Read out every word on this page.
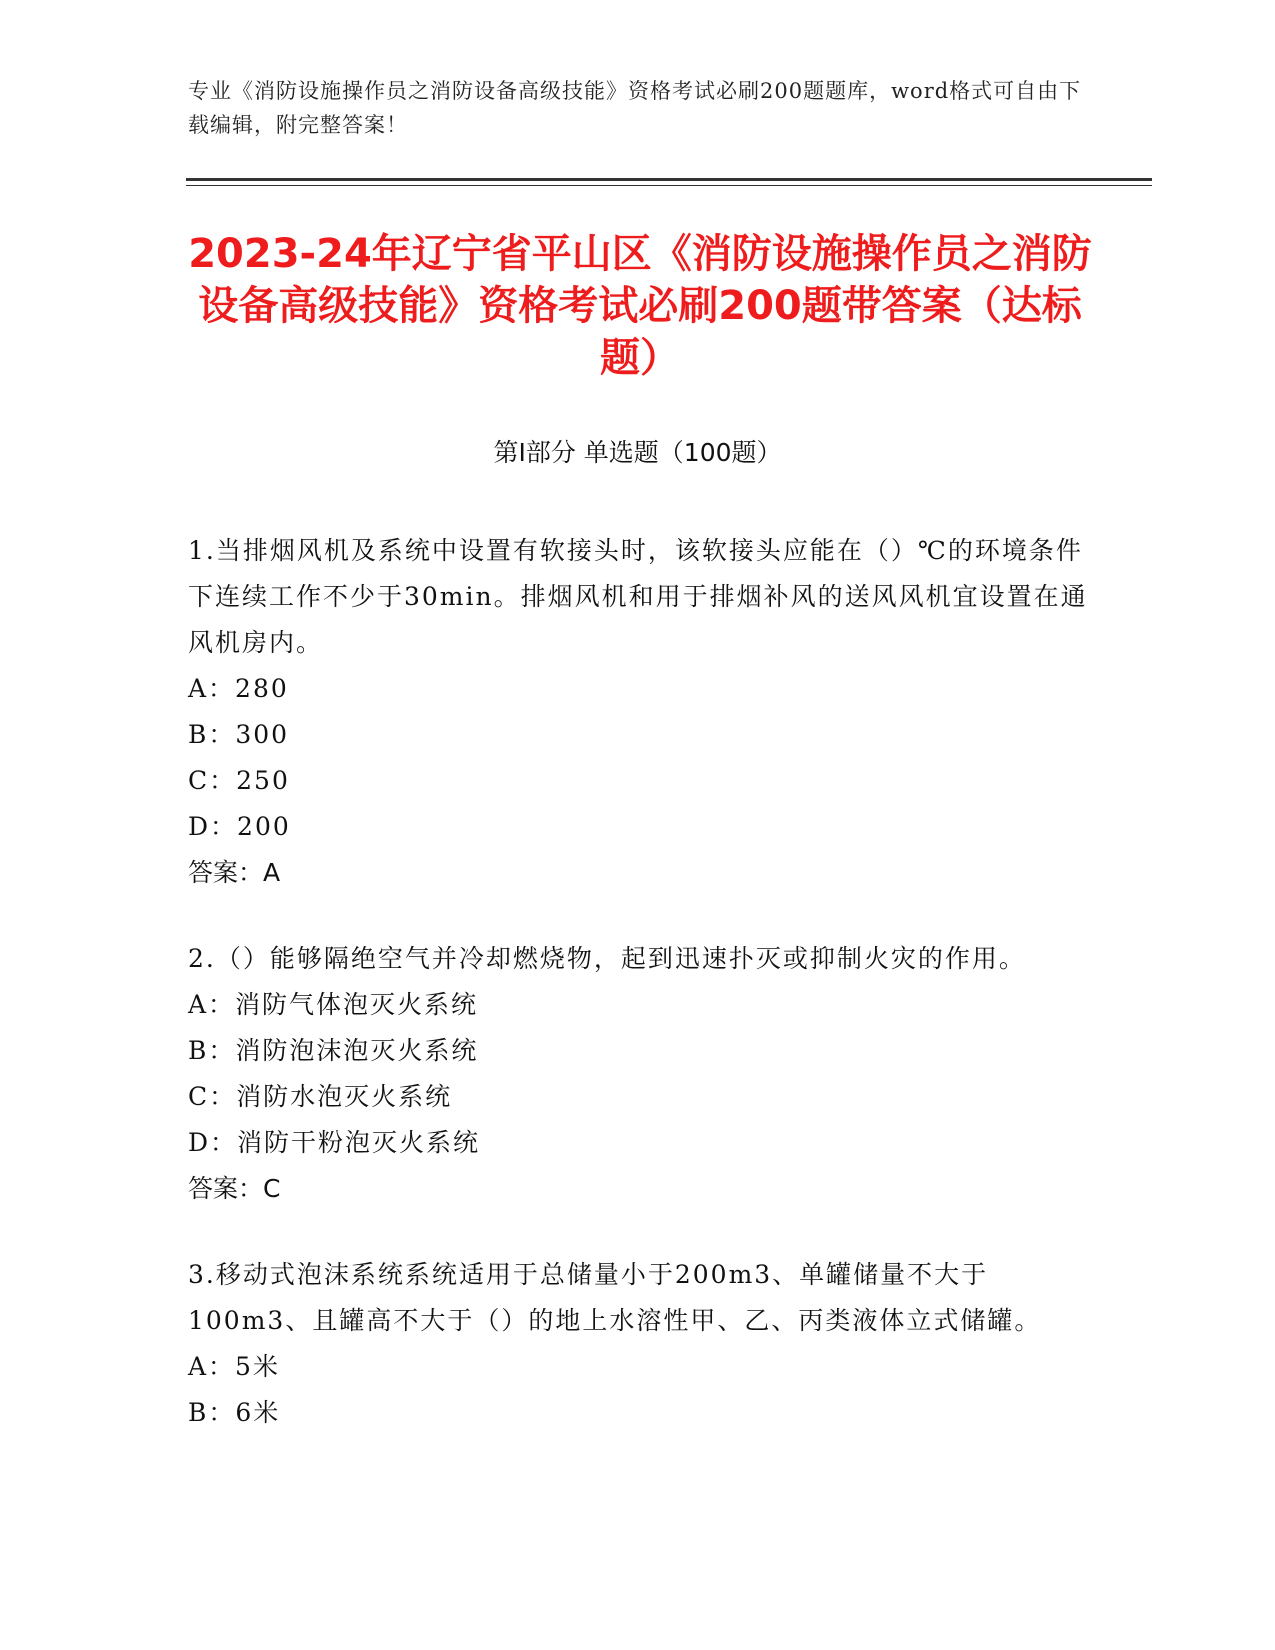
专业《消防设施操作员之消防设备高级技能》资格考试必刷200题题库，word格式可自由下载编辑，附完整答案！
2023-24年辽宁省平山区《消防设施操作员之消防设备高级技能》资格考试必刷200题带答案（达标题）
第Ⅰ部分 单选题（100题）
1.当排烟风机及系统中设置有软接头时，该软接头应能在（）℃的环境条件下连续工作不少于30min。排烟风机和用于排烟补风的送风风机宜设置在通风机房内。
A：280
B：300
C：250
D：200
答案：A
2.（）能够隔绝空气并冷却燃烧物，起到迅速扑灭或抑制火灾的作用。
A：消防气体泡灭火系统
B：消防泡沫泡灭火系统
C：消防水泡灭火系统
D：消防干粉泡灭火系统
答案：C
3.移动式泡沫系统系统适用于总储量小于200m3、单罐储量不大于100m3、且罐高不大于（）的地上水溶性甲、乙、丙类液体立式储罐。
A：5米
B：6米
